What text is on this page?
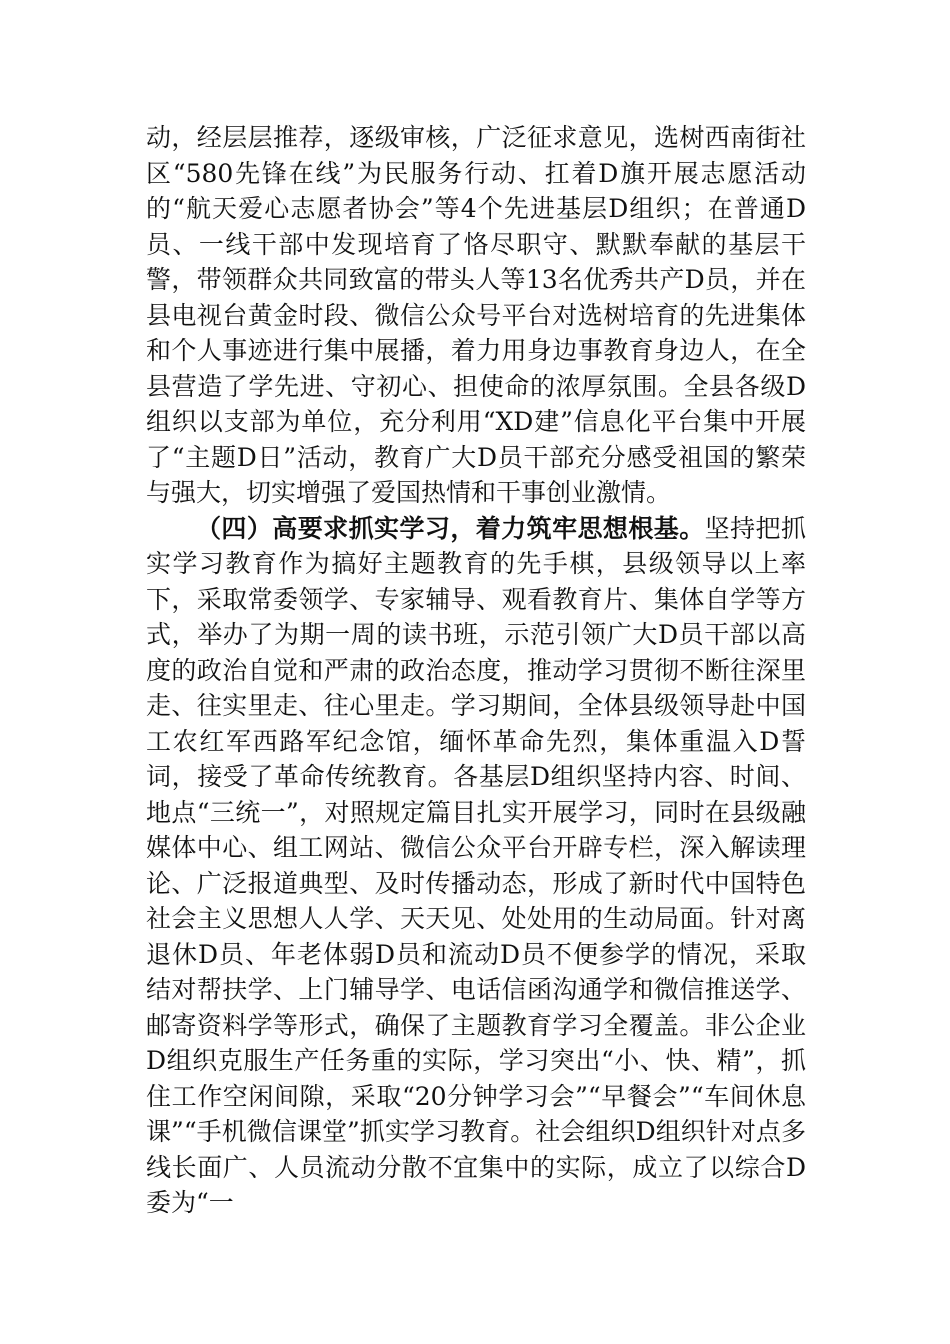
动，经层层推荐，逐级审核，广泛征求意见，选树西南街社区“580先锋在线”为民服务行动、扛着D旗开展志愿活动的“航天爱心志愿者协会”等4个先进基层D组织；在普通D员、一线干部中发现培育了恪尽职守、默默奉献的基层干警，带领群众共同致富的带头人等13名优秀共产D员，并在县电视台黄金时段、微信公众号平台对选树培育的先进集体和个人事迹进行集中展播，着力用身边事教育身边人，在全县营造了学先进、守初心、担使命的浓厚氛围。全县各级D组织以支部为单位，充分利用“XD建”信息化平台集中开展了“主题D日”活动，教育广大D员干部充分感受祖国的繁荣与强大，切实增强了爱国热情和干事创业激情。

（四）高要求抓实学习，着力筑牢思想根基。坚持把抓实学习教育作为搞好主题教育的先手棋，县级领导以上率下，采取常委领学、专家辅导、观看教育片、集体自学等方式，举办了为期一周的读书班，示范引领广大D员干部以高度的政治自觉和严肃的政治态度，推动学习贯彻不断往深里走、往实里走、往心里走。学习期间，全体县级领导赴中国工农红军西路军纪念馆，缅怀革命先烈，集体重温入D誓词，接受了革命传统教育。各基层D组织坚持内容、时间、地点“三统一”，对照规定篇目扎实开展学习，同时在县级融媒体中心、组工网站、微信公众平台开辟专栏，深入解读理论、广泛报道典型、及时传播动态，形成了新时代中国特色社会主义思想人人学、天天见、处处用的生动局面。针对离退休D员、年老体弱D员和流动D员不便参学的情况，采取结对帮扶学、上门辅导学、电话信函沟通学和微信推送学、邮寄资料学等形式，确保了主题教育学习全覆盖。非公企业D组织克服生产任务重的实际，学习突出“小、快、精”，抓住工作空闲间隙，采取“20分钟学习会”“早餐会”“车间休息课”“手机微信课堂”抓实学习教育。社会组织D组织针对点多线长面广、人员流动分散不宜集中的实际，成立了以综合D委为“一
